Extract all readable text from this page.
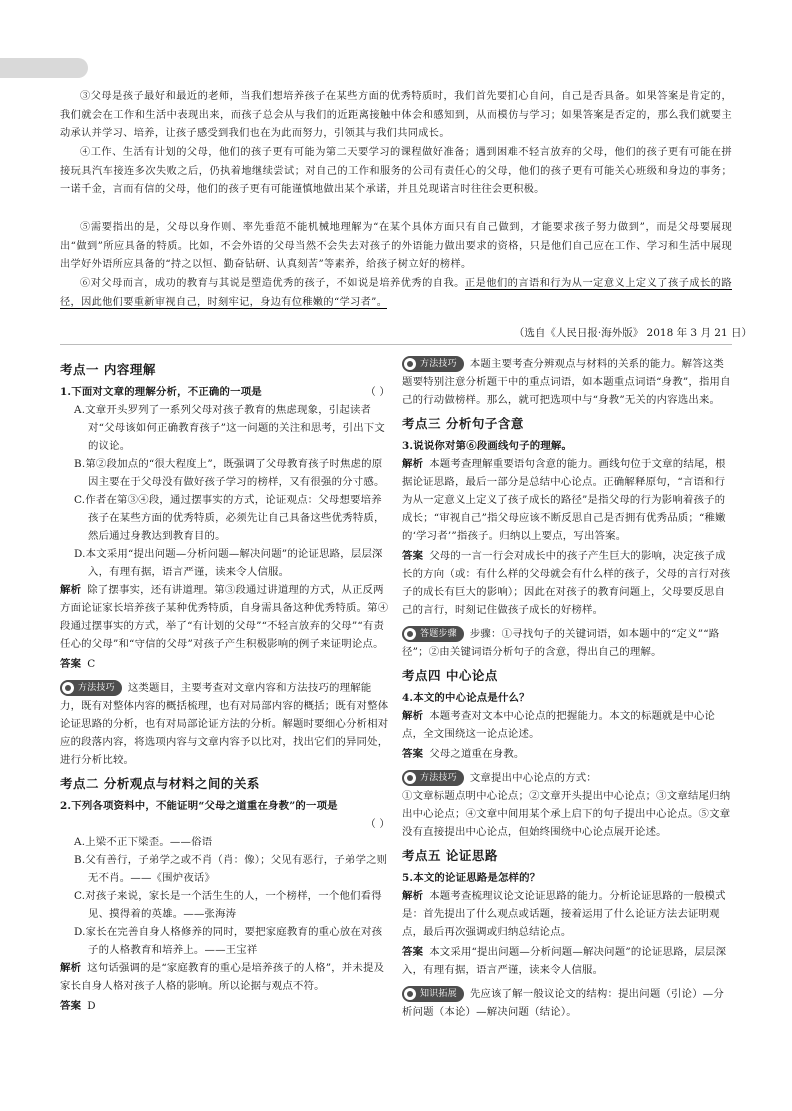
③父母是孩子最好和最近的老师，当我们想培养孩子在某些方面的优秀特质时，我们首先要扪心自问，自己是否具备。如果答案是肯定的，我们就会在工作和生活中表现出来，而孩子总会从与我们的近距离接触中体会和感知到，从而模仿与学习；如果答案是否定的，那么我们就要主动承认并学习、培养，让孩子感受到我们也在为此而努力，引领其与我们共同成长。

④工作、生活有计划的父母，他们的孩子更有可能为第二天要学习的课程做好准备；遇到困难不轻言放弃的父母，他们的孩子更有可能在拼接玩具汽车接连多次失败之后，仍执着地继续尝试；对自己的工作和服务的公司有责任心的父母，他们的孩子更有可能关心班级和身边的事务；一诺千金，言而有信的父母，他们的孩子更有可能谨慎地做出某个承诺，并且兑现诺言时往往会更积极。

⑤需要指出的是，父母以身作则、率先垂范不能机械地理解为“在某个具体方面只有自己做到，才能要求孩子努力做到”，而是父母要展现出“做到”所应具备的特质。比如，不会外语的父母当然不会失去对孩子的外语能力做出要求的资格，只是他们自己应在工作、学习和生活中展现出学好外语所应具备的“持之以恒、勤奋钻研、认真刻苦”等素养，给孩子树立好的榜样。

⑥对父母而言，成功的教育与其说是塑造优秀的孩子，不如说是培养优秀的自我。正是他们的言语和行为从一定意义上定义了孩子成长的路径，因此他们要重新审视自己，时刻牢记，身边有位稚嫩的“学习者”。

（选自《人民日报·海外版》 2018 年 3 月 21 日）
考点一 内容理解

（ ）
1.下面对文章的理解分析，不正确的一项是

A.文章开头罗列了一系列父母对孩子教育的焦虑现象，引起读者对“父母该如何正确教育孩子”这一问题的关注和思考，引出下文的议论。

B.第②段加点的“很大程度上”，既强调了父母教育孩子时焦虑的原因主要在于父母没有做好孩子学习的榜样，又有很强的分寸感。

C.作者在第③④段，通过摆事实的方式，论证观点：父母想要培养孩子在某些方面的优秀特质，必须先让自己具备这些优秀特质，然后通过身教达到教育目的。

D.本文采用“提出问题—分析问题—解决问题”的论证思路，层层深入，有理有据，语言严谨，读来令人信服。

解析 除了摆事实，还有讲道理。第③段通过讲道理的方式，从正反两方面论证家长培养孩子某种优秀特质，自身需具备这种优秀特质。第④段通过摆事实的方式，举了“有计划的父母”“不轻言放弃的父母”“有责任心的父母”和“守信的父母”对孩子产生积极影响的例子来证明论点。

答案 C

方法技巧 这类题目，主要考查对文章内容和方法技巧的理解能力，既有对整体内容的概括梳理，也有对局部内容的概括；既有对整体论证思路的分析，也有对局部论证方法的分析。解题时要细心分析相对应的段落内容，将选项内容与文章内容予以比对，找出它们的异同处，进行分析比较。
考点二 分析观点与材料之间的关系

2.下列各项资料中，不能证明“父母之道重在身教”的一项是

（ ）

A.上梁不正下梁歪。——俗语

B.父有善行，子弟学之或不肖（肖：像）；父见有恶行，子弟学之则无不肖。——《围炉夜话》

C.对孩子来说，家长是一个活生生的人，一个榜样，一个他们看得见、摸得着的英雄。——张海涛

D.家长在完善自身人格修养的同时，要把家庭教育的重心放在对孩子的人格教育和培养上。——王宝祥

解析 这句话强调的是“家庭教育的重心是培养孩子的人格”，并未提及家长自身人格对孩子人格的影响。所以论据与观点不符。

答案 D

方法技巧 本题主要考查分辨观点与材料的关系的能力。解答这类题要特别注意分析题干中的重点词语，如本题重点词语“身教”，指用自己的行动做榜样。那么，就可把选项中与“身教”无关的内容选出来。
考点三 分析句子含意

3.说说你对第⑥段画线句子的理解。

解析 本题考查理解重要语句含意的能力。画线句位于文章的结尾，根据论证思路，最后一部分是总结中心论点。正确解释原句，“言语和行为从一定意义上定义了孩子成长的路径”是指父母的行为影响着孩子的成长；“审视自己”指父母应该不断反思自己是否拥有优秀品质；“稚嫩的‘学习者’”指孩子。归纳以上要点，写出答案。

答案 父母的一言一行会对成长中的孩子产生巨大的影响，决定孩子成长的方向（或：有什么样的父母就会有什么样的孩子，父母的言行对孩子的成长有巨大的影响）；因此在对孩子的教育问题上，父母要反思自己的言行，时刻记住做孩子成长的好榜样。

答题步骤 步骤：①寻找句子的关键词语，如本题中的“定义”“路径”；②由关键词语分析句子的含意，得出自己的理解。
考点四 中心论点

4.本文的中心论点是什么？

解析 本题考查对文本中心论点的把握能力。本文的标题就是中心论点，全文围绕这一论点论述。

答案 父母之道重在身教。

方法技巧 文章提出中心论点的方式：

①文章标题点明中心论点；②文章开头提出中心论点；③文章结尾归纳出中心论点；④文章中间用某个承上启下的句子提出中心论点。⑤文章没有直接提出中心论点，但始终围绕中心论点展开论述。

考点五 论证思路

5.本文的论证思路是怎样的？

解析 本题考查梳理议论文论证思路的能力。分析论证思路的一般模式是：首先提出了什么观点或话题，接着运用了什么论证方法去证明观点，最后再次强调或归纳总结论点。

答案 本文采用“提出问题—分析问题—解决问题”的论证思路，层层深入，有理有据，语言严谨，读来令人信服。

知识拓展 先应该了解一般议论文的结构：提出问题（引论）—分析问题（本论）—解决问题（结论）。
